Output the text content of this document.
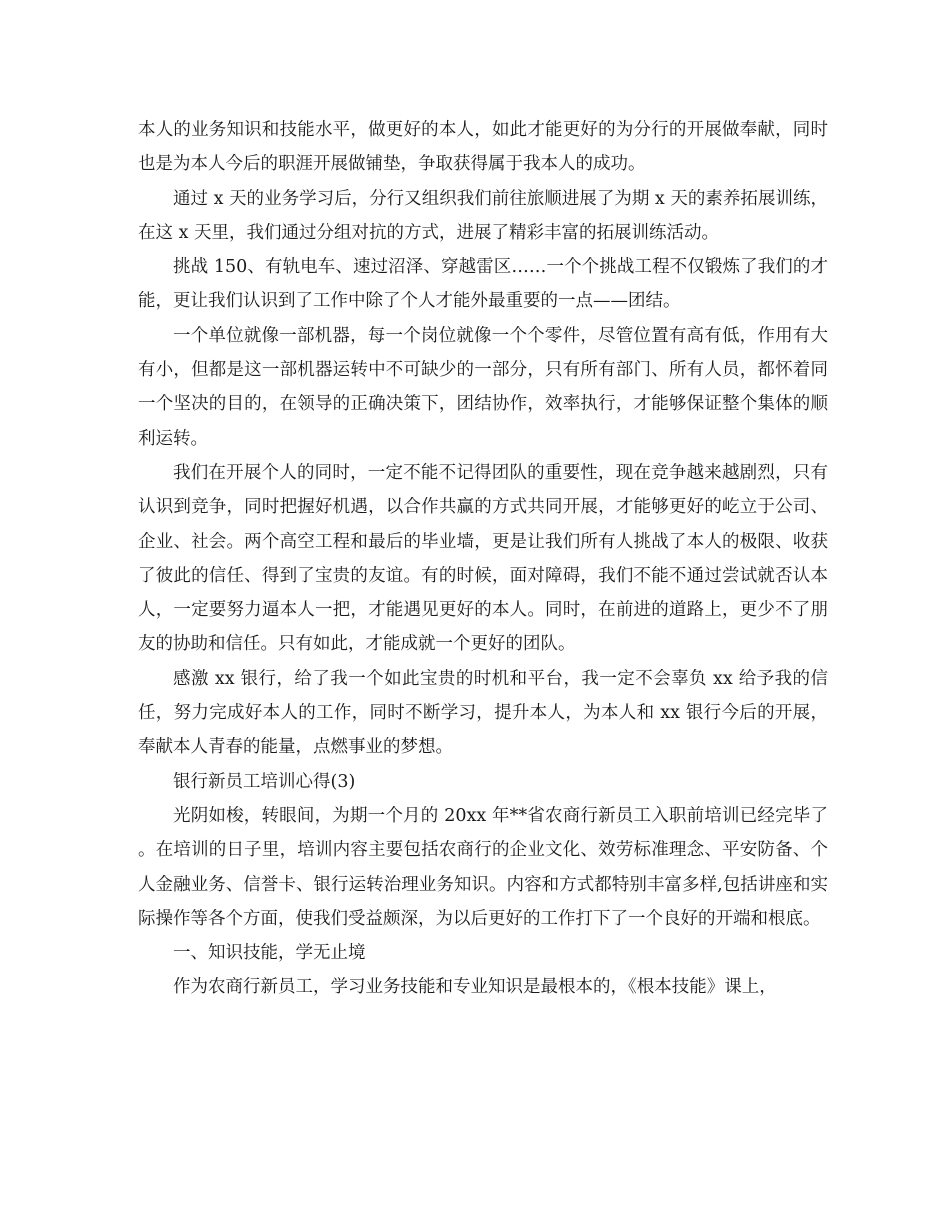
本人的业务知识和技能水平，做更好的本人，如此才能更好的为分行的开展做奉献，同时也是为本人今后的职涯开展做铺垫，争取获得属于我本人的成功。

通过 x 天的业务学习后，分行又组织我们前往旅顺进展了为期 x 天的素养拓展训练，在这 x 天里，我们通过分组对抗的方式，进展了精彩丰富的拓展训练活动。

挑战 150、有轨电车、速过沼泽、穿越雷区……一个个挑战工程不仅锻炼了我们的才能，更让我们认识到了工作中除了个人才能外最重要的一点——团结。

一个单位就像一部机器，每一个岗位就像一个个零件，尽管位置有高有低，作用有大有小，但都是这一部机器运转中不可缺少的一部分，只有所有部门、所有人员，都怀着同一个坚决的目的，在领导的正确决策下，团结协作，效率执行，才能够保证整个集体的顺利运转。

我们在开展个人的同时，一定不能不记得团队的重要性，现在竞争越来越剧烈，只有认识到竞争，同时把握好机遇，以合作共赢的方式共同开展，才能够更好的屹立于公司、企业、社会。两个高空工程和最后的毕业墙，更是让我们所有人挑战了本人的极限、收获了彼此的信任、得到了宝贵的友谊。有的时候，面对障碍，我们不能不通过尝试就否认本人，一定要努力逼本人一把，才能遇见更好的本人。同时，在前进的道路上，更少不了朋友的协助和信任。只有如此，才能成就一个更好的团队。

感激 xx 银行，给了我一个如此宝贵的时机和平台，我一定不会辜负 xx 给予我的信任，努力完成好本人的工作，同时不断学习，提升本人，为本人和 xx 银行今后的开展，奉献本人青春的能量，点燃事业的梦想。

银行新员工培训心得(3)

光阴如梭，转眼间，为期一个月的 20xx 年**省农商行新员工入职前培训已经完毕了。在培训的日子里，培训内容主要包括农商行的企业文化、效劳标准理念、平安防备、个人金融业务、信誉卡、银行运转治理业务知识。内容和方式都特别丰富多样,包括讲座和实际操作等各个方面，使我们受益颇深，为以后更好的工作打下了一个良好的开端和根底。

一、知识技能，学无止境

作为农商行新员工，学习业务技能和专业知识是最根本的，《根本技能》课上，
